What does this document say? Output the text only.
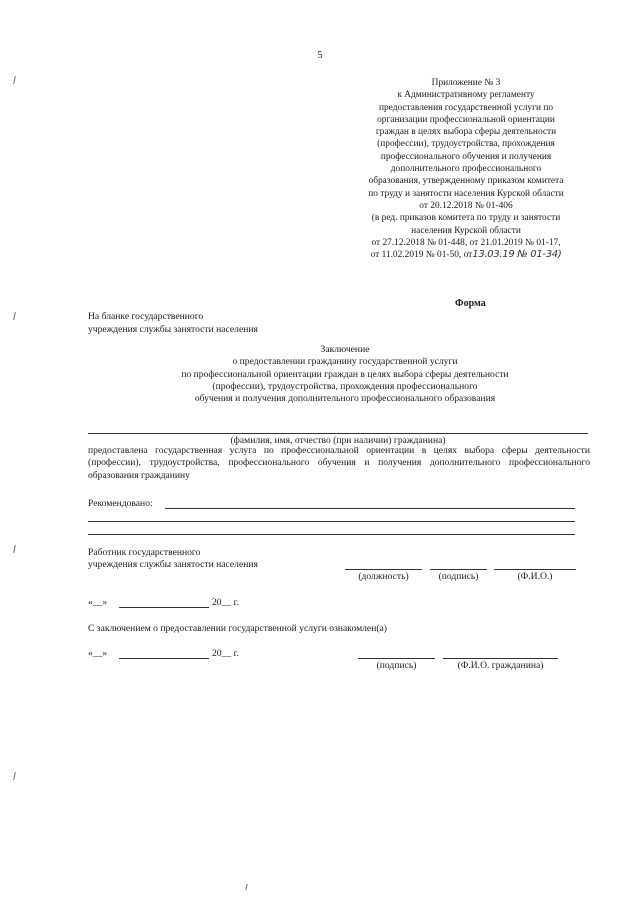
5
Приложение № 3
к Административному регламенту
предоставления государственной услуги по
организации профессиональной ориентации
граждан в целях выбора сферы деятельности
(профессии), трудоустройства, прохождения
профессионального обучения и получения
дополнительного профессионального
образования, утвержденному приказом комитета
по труду и занятости населения Курской области
от 20.12.2018 № 01-406
(в ред. приказов комитета по труду и занятости
населения Курской области
от 27.12.2018 № 01-448, от 21.01.2019 № 01-17,
от 11.02.2019 № 01-50, от13.03.19 № 01-34)
Форма
На бланке государственного
учреждения службы занятости населения
Заключение
о предоставлении гражданину государственной услуги
по профессиональной ориентации граждан в целях выбора сферы деятельности
(профессии), трудоустройства, прохождения профессионального
обучения и получения дополнительного профессионального образования
(фамилия, имя, отчество (при наличии) гражданина)
предоставлена государственная услуга по профессиональной ориентации в целях выбора сферы деятельности (профессии), трудоустройства, профессионального обучения и получения дополнительного профессионального образования гражданину
Рекомендовано:
Работник государственного
учреждения службы занятости населения
(должность)	(подпись)	(Ф.И.О.)
«__»	20__ г.
С заключением о предоставлении государственной услуги ознакомлен(а)
«__»	20__ г.
(подпись)	(Ф.И.О. гражданина)
